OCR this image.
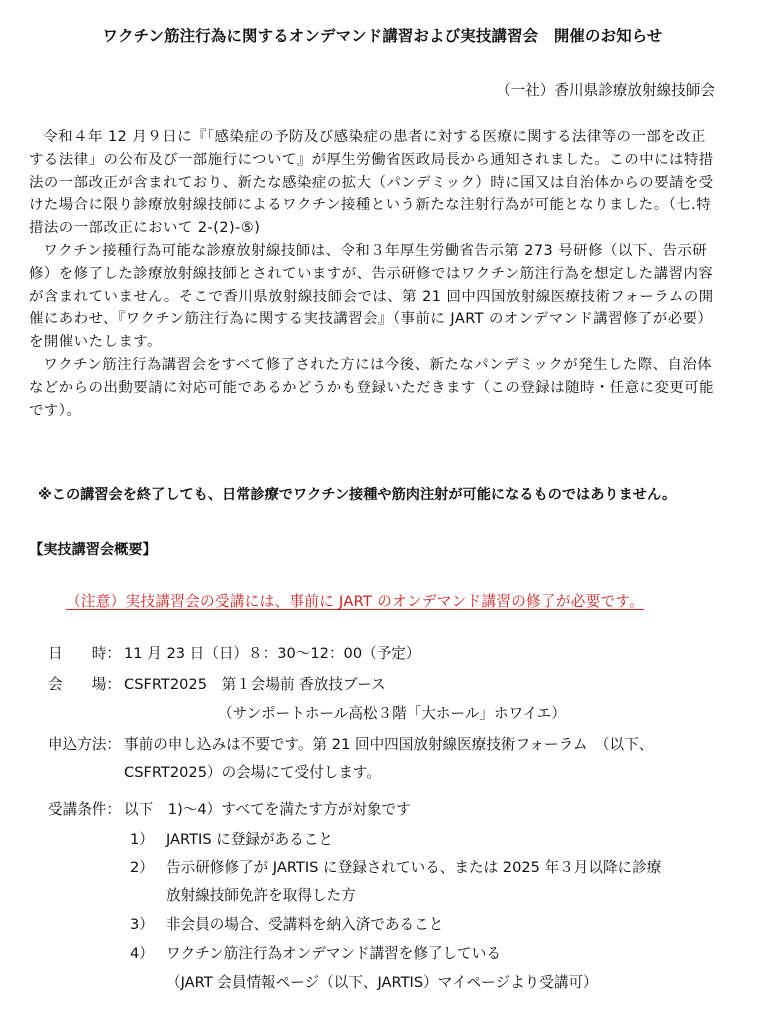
ワクチン筋注行為に関するオンデマンド講習および実技講習会　開催のお知らせ
（一社）香川県診療放射線技師会

令和４年 12 月９日に『「感染症の予防及び感染症の患者に対する医療に関する法律等の一部を改正する法律」の公布及び一部施行について』が厚生労働省医政局長から通知されました。この中には特措法の一部改正が含まれており、新たな感染症の拡大（パンデミック）時に国又は自治体からの要請を受けた場合に限り診療放射線技師によるワクチン接種という新たな注射行為が可能となりました。（七.特措法の一部改正において 2-(2)-⑤)

ワクチン接種行為可能な診療放射線技師は、令和３年厚生労働省告示第 273 号研修（以下、告示研修）を修了した診療放射線技師とされていますが、告示研修ではワクチン筋注行為を想定した講習内容が含まれていません。そこで香川県放射線技師会では、第 21 回中四国放射線医療技術フォーラムの開催にあわせ、『ワクチン筋注行為に関する実技講習会』（事前に JART のオンデマンド講習修了が必要）を開催いたします。

ワクチン筋注行為講習会をすべて修了された方には今後、新たなパンデミックが発生した際、自治体などからの出動要請に対応可能であるかどうかも登録いただきます（この登録は随時・任意に変更可能です）。

※この講習会を終了しても、日常診療でワクチン接種や筋肉注射が可能になるものではありません。
【実技講習会概要】
（注意）実技講習会の受講には、事前に JART のオンデマンド講習の修了が必要です。
日　　時： 11 月 23 日（日）８：30～12：00（予定）
会　　場： CSFRT2025　第１会場前 香放技ブース
（サンポートホール高松３階「大ホール」ホワイエ）
申込方法： 事前の申し込みは不要です。第 21 回中四国放射線医療技術フォーラム　（以下、
CSFRT2025）の会場にて受付します。
受講条件： 以下　1)～4）すべてを満たす方が対象です
1） JARTIS に登録があること
2） 告示研修修了が JARTIS に登録されている、または 2025 年３月以降に診療
放射線技師免許を取得した方
3） 非会員の場合、受講料を納入済であること
4） ワクチン筋注行為オンデマンド講習を修了している
（JART 会員情報ページ（以下、JARTIS）マイページより受講可）
